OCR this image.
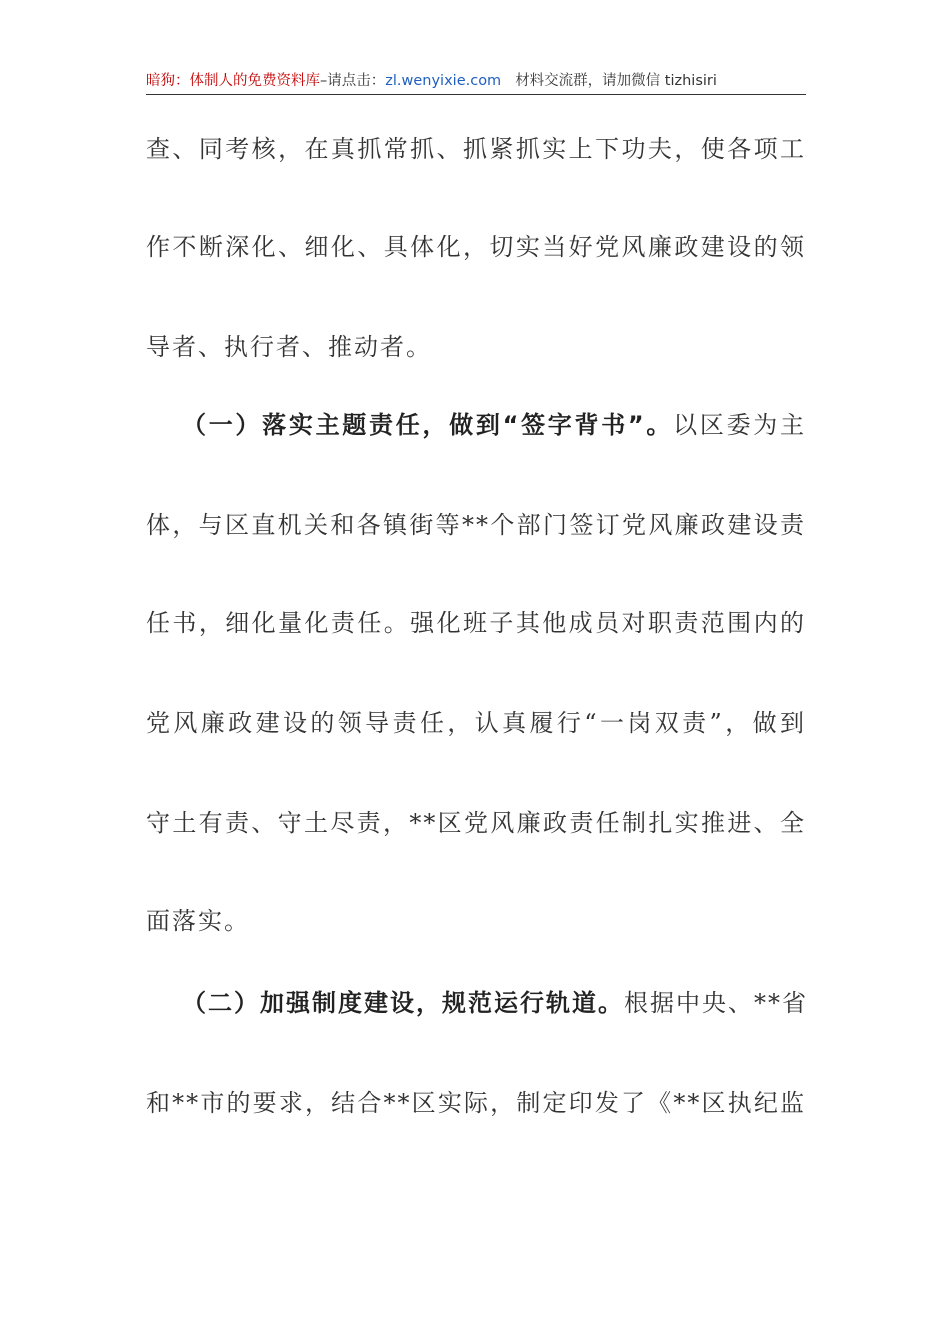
暗狗：体制人的免费资料库–请点击：zl.wenyixie.com 材料交流群，请加微信 tizhisiri
查、同考核，在真抓常抓、抓紧抓实上下功夫，使各项工
作不断深化、细化、具体化，切实当好党风廉政建设的领
导者、执行者、推动者。
（一）落实主题责任，做到“签字背书”。以区委为主
体，与区直机关和各镇街等**个部门签订党风廉政建设责
任书，细化量化责任。强化班子其他成员对职责范围内的
党风廉政建设的领导责任，认真履行“一岗双责”，做到
守土有责、守土尽责，**区党风廉政责任制扎实推进、全
面落实。
（二）加强制度建设，规范运行轨道。根据中央、**省
和**市的要求，结合**区实际，制定印发了《**区执纪监
